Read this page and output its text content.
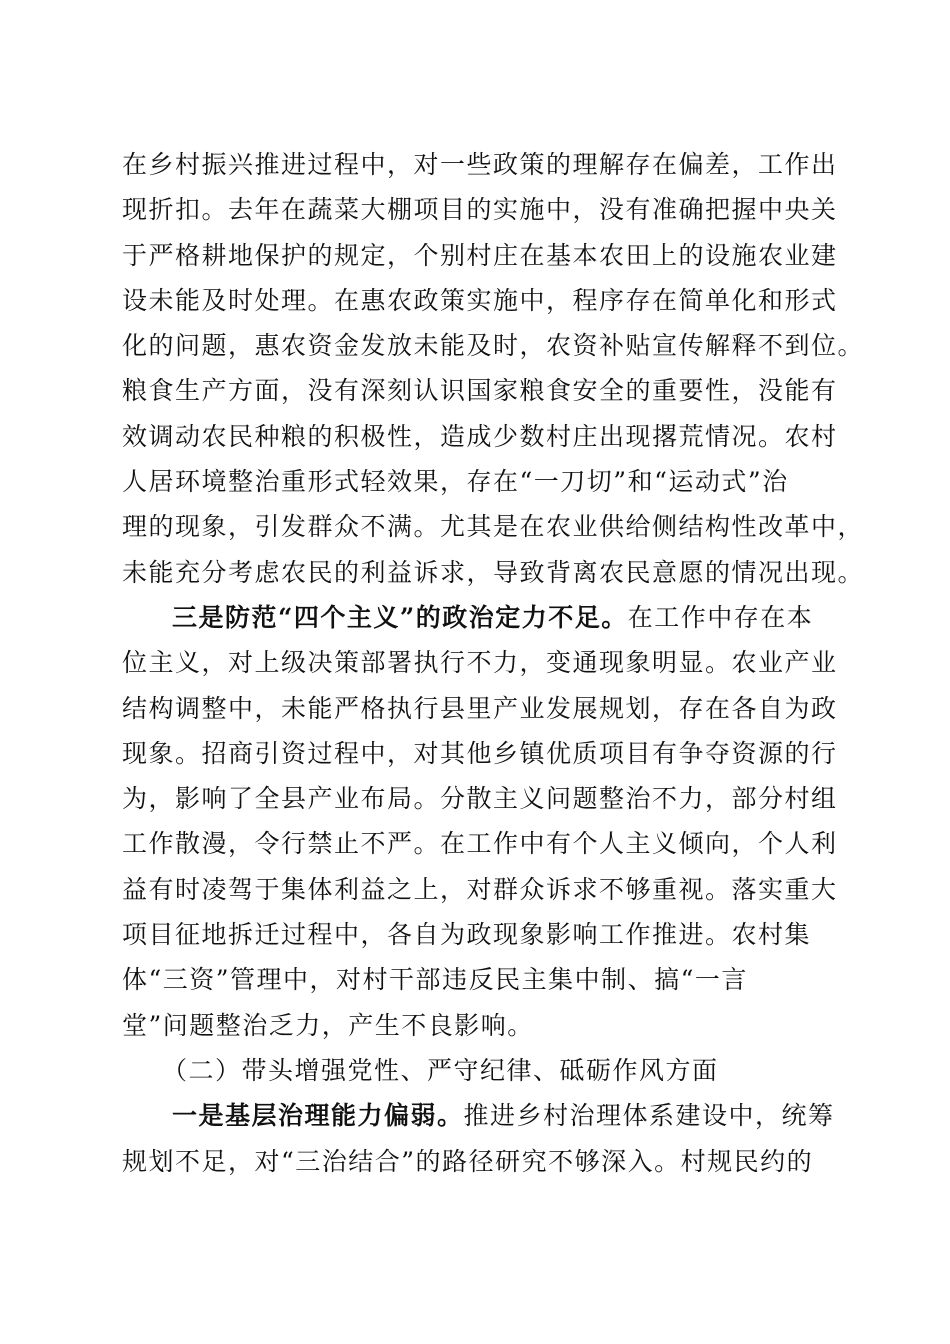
在乡村振兴推进过程中，对一些政策的理解存在偏差，工作出
现折扣。去年在蔬菜大棚项目的实施中，没有准确把握中央关
于严格耕地保护的规定，个别村庄在基本农田上的设施农业建
设未能及时处理。在惠农政策实施中，程序存在简单化和形式
化的问题，惠农资金发放未能及时，农资补贴宣传解释不到位。
粮食生产方面，没有深刻认识国家粮食安全的重要性，没能有
效调动农民种粮的积极性，造成少数村庄出现撂荒情况。农村
人居环境整治重形式轻效果，存在“一刀切”和“运动式”治
理的现象，引发群众不满。尤其是在农业供给侧结构性改革中，
未能充分考虑农民的利益诉求，导致背离农民意愿的情况出现。
三是防范“四个主义”的政治定力不足。在工作中存在本
位主义，对上级决策部署执行不力，变通现象明显。农业产业
结构调整中，未能严格执行县里产业发展规划，存在各自为政
现象。招商引资过程中，对其他乡镇优质项目有争夺资源的行
为，影响了全县产业布局。分散主义问题整治不力，部分村组
工作散漫，令行禁止不严。在工作中有个人主义倾向，个人利
益有时凌驾于集体利益之上，对群众诉求不够重视。落实重大
项目征地拆迁过程中，各自为政现象影响工作推进。农村集
体“三资”管理中，对村干部违反民主集中制、搞“一言
堂”问题整治乏力，产生不良影响。
（二）带头增强党性、严守纪律、砥砺作风方面
一是基层治理能力偏弱。推进乡村治理体系建设中，统筹
规划不足，对“三治结合”的路径研究不够深入。村规民约的
